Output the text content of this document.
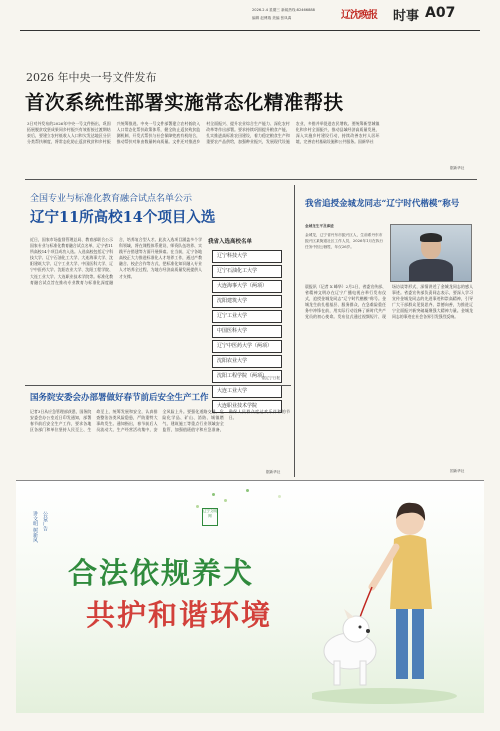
2026.2.4 星期三 新闻热线:82466888
编辑 赵博瑞 美编 张凤禹	辽沈晚报 时事 A07
2026 年中央一号文件发布
首次系统性部署实施常态化精准帮扶
3日对外发布的2026年中央一号文件指出，巩固拓展脱贫攻坚成果同乡村振兴有效衔接过渡期结束后，要建立农村低收入人口和欠发达地区分层分类帮扶制度，将常态化防止返贫致贫和乡村振兴统筹推进。中央一号文件部署建立农村低收入人口常态化帮扶政策体系，健全防止返贫致贫监测机制，开发式帮扶与社会保障兜底有机结合，推动帮扶对象由数量转向质量。文件还对推进乡村全面振兴、提升农业综合生产能力、深化农村改革等作出部署。要求持续巩固提升粮食产能，扎实推进高标准农田建设，着力稳定粮食生产和重要农产品供给，加强种业振兴，发展现代设施农业，多措并举促进农民增收。要统筹新型城镇化和乡村全面振兴，推动县域经济高质量发展，深入实施乡村建设行动，持续改善农村人居环境，完善农村基础设施和公共服务。国新华社
据新华社
全国专业与标准化教育融合试点名单公示
辽宁11所高校14个项目入选
近日，国家市场监督管理总局、教育部联合公示国家专业与标准化教育融合试点名单，辽宁省11所高校14个项目成功入选。入选高校包括辽宁科技大学、辽宁石油化工大学、大连海事大学、沈阳建筑大学、辽宁工业大学、中国医科大学、辽宁中医药大学、沈阳农业大学、沈阳工程学院、大连工业大学、大连职业技术学院等。标准化教育融合试点旨在推动专业教育与标准化深度融合，培养复合型人才。此次入选项目涵盖多个学科领域，将在课程体系建设、师资队伍培养、实践平台搭建等方面开展探索。在当前，辽宁各地高校正大力推进标准化人才培养工作，通过产教融合、校企合作等方式，把标准化知识融入专业人才培养全过程，为地方经济高质量发展提供人才支撑。
我省入选高校名单
辽宁科技大学
辽宁石油化工大学
大连海事大学（两项）
沈阳建筑大学
辽宁工业大学
中国医科大学
辽宁中医药大学（两项）
沈阳农业大学
沈阳工程学院（两项）
大连工业大学
大连职业技术学院
据辽宁日报
我省追授金城龙同志“辽宁时代楷模”称号
金城龙生平及事迹
金城龙，辽宁省丹东市振兴区人，生前系丹东市振兴区某街道社区工作人员，2026年1月在执行任务中因公牺牲，年仅26岁。
晨报讯（记者 X 峰华）2月2日，省委宣传部、省精神文明办在辽宁广播电视台举行发布仪式，追授金城龙同志“辽宁时代楷模”称号。金城龙生前扎根基层、服务群众，在急难险重任务中冲锋在前，用实际行动诠释了新时代共产党员的初心使命。发布仪式通过视频短片、现场访谈等形式，深情讲述了金城龙同志的感人事迹。省委宣传部负责同志表示，要深入学习宣传金城龙同志的先进事迹和崇高精神，引导广大干部群众见贤思齐、崇德向善，为推进辽宁全面振兴新突破凝聚强大精神力量。金城龙同志的事迹在社会各界引发强烈反响。
国新华社
国务院安委会办部署做好春节前后安全生产工作
记者3日从应急管理部获悉，国务院安委会办公室近日印发通知，部署春节前后安全生产工作，要求各地区各部门和单位坚持人民至上、生命至上，统筹发展和安全，认真排查整治各类风险隐患，严防重特大事故发生。通知指出，春节前后人员流动大、生产经营活动集中，安全风险上升。要强化道路交通、危险化学品、矿山、消防、城镇燃气、建筑施工等重点行业领域安全监管，加强值班值守和应急准备，确保人民群众度过欢乐祥和的节日。
据新华社
讲文明 树新风 公益广告	辽宁文明网
合法依规养犬
共护和谐环境
